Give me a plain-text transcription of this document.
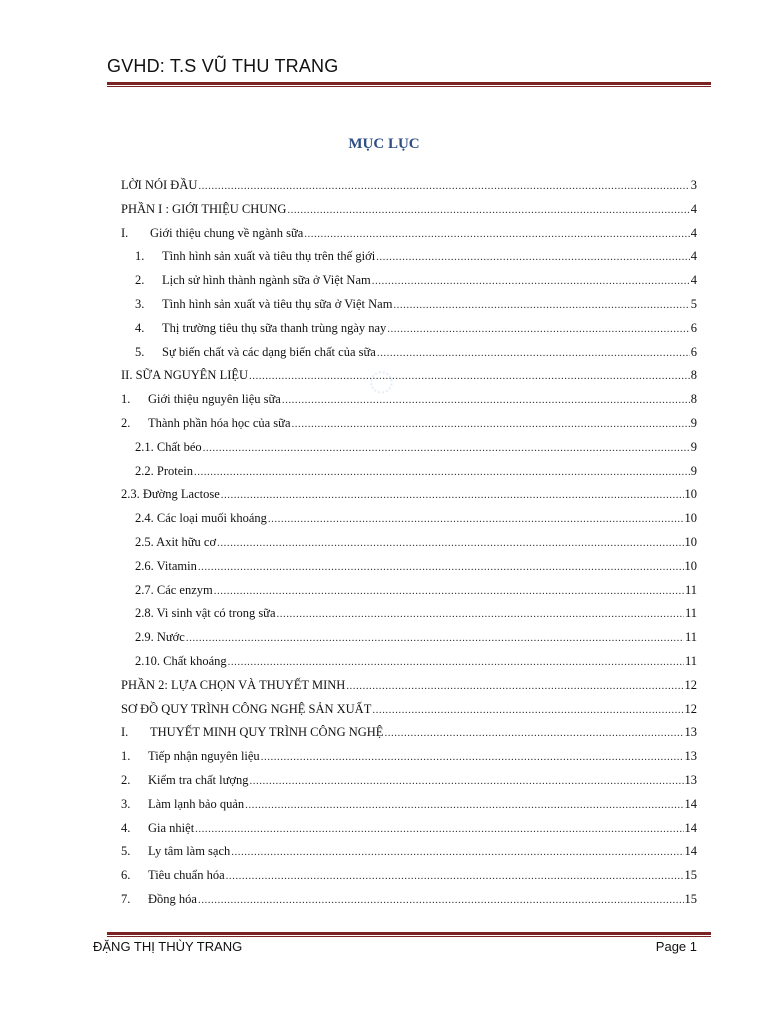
GVHD: T.S VŨ THU TRANG
MỤC LỤC
◌
LỜI NÓI ĐẦU .....	3
PHẦN I : GIỚI THIỆU CHUNG .....	4
I.	Giới thiệu chung về ngành sữa .....	4
1.	Tình hình sản xuất và tiêu thụ trên thế giới .....	4
2.	Lịch sử hình thành ngành sữa ở Việt Nam .....	4
3.	Tình hình sản xuất và tiêu thụ sữa ở Việt Nam .....	5
4.	Thị trường tiêu thụ sữa thanh trùng ngày nay .....	6
5.	Sự biến chất và các dạng biến chất của sữa .....	6
II. SỮA NGUYÊN LIỆU .....	8
1.	Giới thiệu nguyên liệu sữa .....	8
2.	Thành phần hóa học của sữa .....	9
2.1. Chất béo .....	9
2.2. Protein .....	9
2.3. Đường Lactose .....	10
2.4. Các loại muối khoáng .....	10
2.5. Axit hữu cơ .....	10
2.6. Vitamin .....	10
2.7. Các enzym .....	11
2.8. Vi sinh vật có trong sữa .....	11
2.9. Nước .....	11
2.10. Chất khoáng .....	11
PHẦN 2: LỰA CHỌN VÀ THUYẾT MINH .....	12
SƠ ĐỒ QUY TRÌNH CÔNG NGHỆ SẢN XUẤT .....	12
I.	THUYẾT MINH QUY TRÌNH CÔNG NGHỆ .....	13
1.	Tiếp nhận nguyên liệu .....	13
2.	Kiểm tra chất lượng .....	13
3.	Làm lạnh bảo quản .....	14
4.	Gia nhiệt .....	14
5.	Ly tâm làm sạch .....	14
6.	Tiêu chuẩn hóa .....	15
7.	Đồng hóa .....	15
ĐẶNG THỊ THÙY TRANG	Page 1
